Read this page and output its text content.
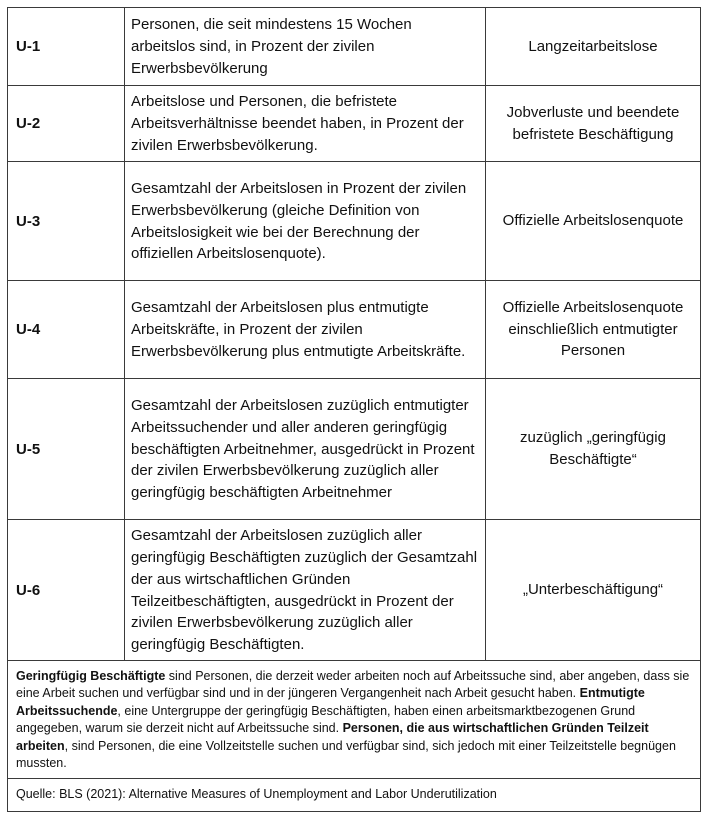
U-1	Personen, die seit mindestens 15 Wochen arbeitslos sind, in Prozent der zivilen Erwerbsbevölkerung	Langzeitarbeitslose
U-2	Arbeitslose und Personen, die befristete Arbeitsverhältnisse beendet haben, in Prozent der zivilen Erwerbsbevölkerung.	Jobverluste und beendete befristete Beschäftigung
U-3	Gesamtzahl der Arbeitslosen in Prozent der zivilen Erwerbsbevölkerung (gleiche Definition von Arbeitslosigkeit wie bei der Berechnung der offiziellen Arbeitslosenquote).	Offizielle Arbeitslosenquote
U-4	Gesamtzahl der Arbeitslosen plus entmutigte Arbeitskräfte, in Prozent der zivilen Erwerbsbevölkerung plus entmutigte Arbeitskräfte.	Offizielle Arbeitslosenquote einschließlich entmutigter Personen
U-5	Gesamtzahl der Arbeitslosen zuzüglich entmutigter Arbeitssuchender und aller anderen geringfügig beschäftigten Arbeitnehmer, ausgedrückt in Prozent der zivilen Erwerbsbevölkerung zuzüglich aller geringfügig beschäftigten Arbeitnehmer	zuzüglich „geringfügig Beschäftigte“
U-6	Gesamtzahl der Arbeitslosen zuzüglich aller geringfügig Beschäftigten zuzüglich der Gesamtzahl der aus wirtschaftlichen Gründen Teilzeitbeschäftigten, ausgedrückt in Prozent der zivilen Erwerbsbevölkerung zuzüglich aller geringfügig Beschäftigten.	„Unterbeschäftigung“
Geringfügig Beschäftigte sind Personen, die derzeit weder arbeiten noch auf Arbeitssuche sind, aber angeben, dass sie eine Arbeit suchen und verfügbar sind und in der jüngeren Vergangenheit nach Arbeit gesucht haben. Entmutigte Arbeitssuchende, eine Untergruppe der geringfügig Beschäftigten, haben einen arbeitsmarktbezogenen Grund angegeben, warum sie derzeit nicht auf Arbeitssuche sind. Personen, die aus wirtschaftlichen Gründen Teilzeit arbeiten, sind Personen, die eine Vollzeitstelle suchen und verfügbar sind, sich jedoch mit einer Teilzeitstelle begnügen mussten.
Quelle: BLS (2021): Alternative Measures of Unemployment and Labor Underutilization
